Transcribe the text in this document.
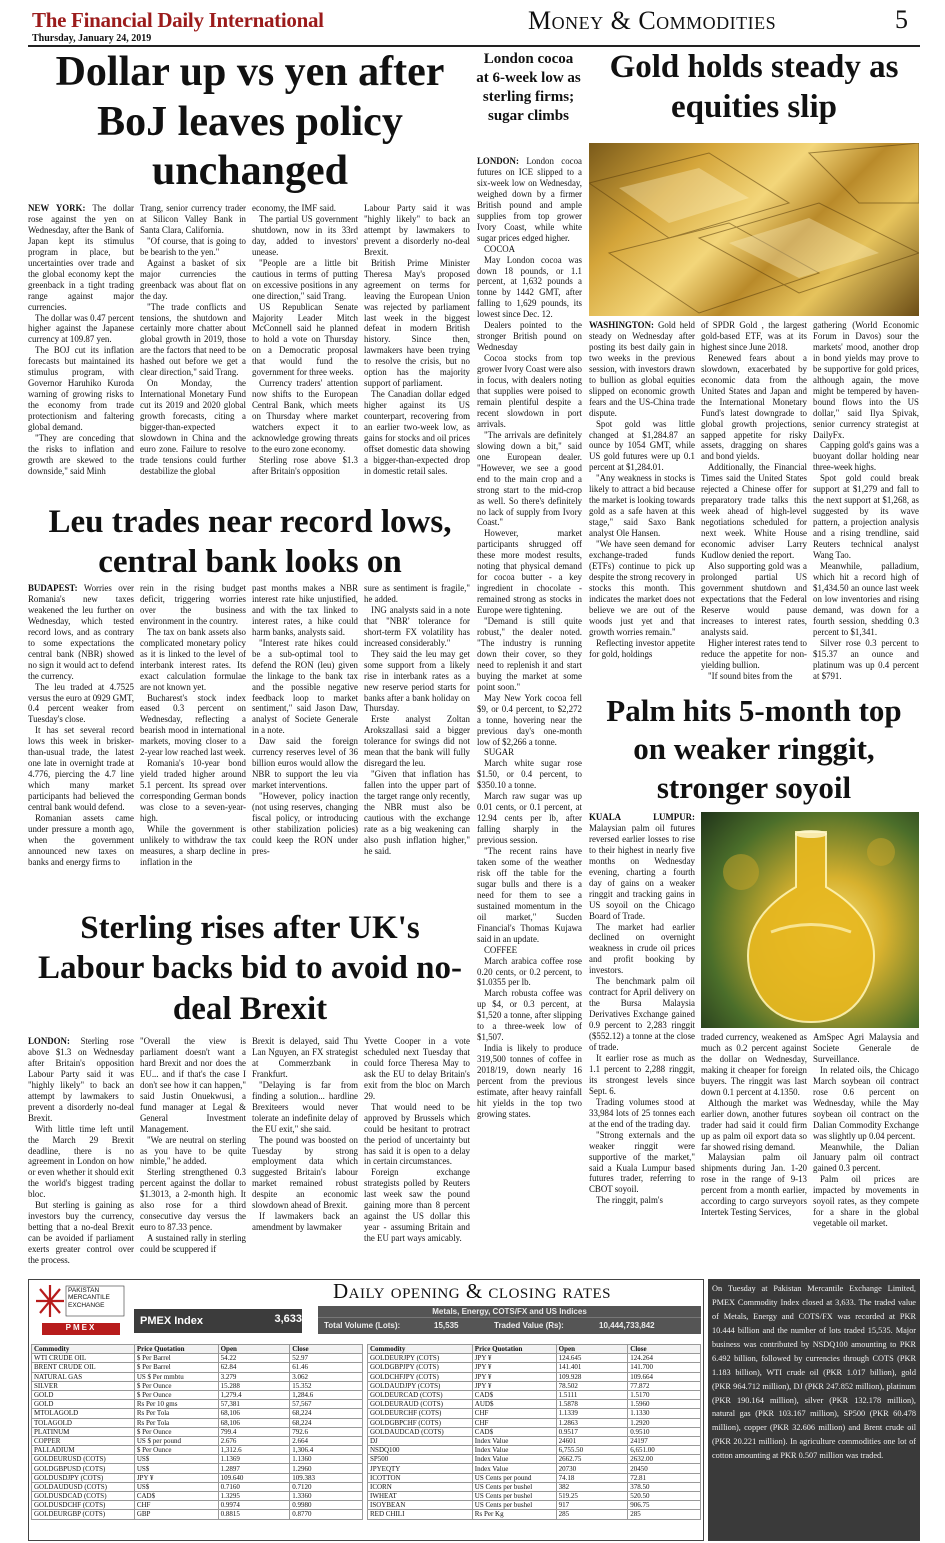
The Financial Daily International
Thursday, January 24, 2019
Money & Commodities	5
Dollar up vs yen after BoJ leaves policy unchanged

NEW YORK: The dollar rose against the yen on Wednesday, after the Bank of Japan kept its stimulus program in place, but uncertainties over trade and the global economy kept the greenback in a tight trading range against major currencies.

The dollar was 0.47 percent higher against the Japanese currency at 109.87 yen.

The BOJ cut its inflation forecasts but maintained its stimulus program, with Governor Haruhiko Kuroda warning of growing risks to the economy from trade protectionism and faltering global demand.

"They are conceding that the risks to inflation and growth are skewed to the downside," said Minh

Trang, senior currency trader at Silicon Valley Bank in Santa Clara, California.

"Of course, that is going to be bearish to the yen."

Against a basket of six major currencies the greenback was about flat on the day.

"The trade conflicts and tensions, the shutdown and certainly more chatter about global growth in 2019, those are the factors that need to be hashed out before we get a clear direction," said Trang.

On Monday, the International Monetary Fund cut its 2019 and 2020 global growth forecasts, citing a bigger-than-expected slowdown in China and the euro zone. Failure to resolve trade tensions could further destabilize the global

economy, the IMF said.

The partial US government shutdown, now in its 33rd day, added to investors' unease.

"People are a little bit cautious in terms of putting on excessive positions in any one direction," said Trang.

US Republican Senate Majority Leader Mitch McConnell said he planned to hold a vote on Thursday on a Democratic proposal that would fund the government for three weeks.

Currency traders' attention now shifts to the European Central Bank, which meets on Thursday where market watchers expect it to acknowledge growing threats to the euro zone economy.

Sterling rose above $1.3 after Britain's opposition

Labour Party said it was "highly likely" to back an attempt by lawmakers to prevent a disorderly no-deal Brexit.

British Prime Minister Theresa May's proposed agreement on terms for leaving the European Union was rejected by parliament last week in the biggest defeat in modern British history. Since then, lawmakers have been trying to resolve the crisis, but no option has the majority support of parliament.

The Canadian dollar edged higher against its US counterpart, recovering from an earlier two-week low, as gains for stocks and oil prices offset domestic data showing a bigger-than-expected drop in domestic retail sales.

London cocoa at 6-week low as sterling firms; sugar climbs

LONDON: London cocoa futures on ICE slipped to a six-week low on Wednesday, weighed down by a firmer British pound and ample supplies from top grower Ivory Coast, while white sugar prices edged higher.

COCOA

May London cocoa was down 18 pounds, or 1.1 percent, at 1,632 pounds a tonne by 1442 GMT, after falling to 1,629 pounds, its lowest since Dec. 12.

Dealers pointed to the stronger British pound on Wednesday

Cocoa stocks from top grower Ivory Coast were also in focus, with dealers noting that supplies were poised to remain plentiful despite a recent slowdown in port arrivals.

"The arrivals are definitely slowing down a bit," said one European dealer. "However, we see a good end to the main crop and a strong start to the mid-crop as well. So there's definitely no lack of supply from Ivory Coast."

However, market participants shrugged off these more modest results, noting that physical demand for cocoa butter - a key ingredient in chocolate - remained strong as stocks in Europe were tightening.

"Demand is still quite robust," the dealer noted. "The industry is running down their cover, so they need to replenish it and start buying the market at some point soon."

May New York cocoa fell $9, or 0.4 percent, to $2,272 a tonne, hovering near the previous day's one-month low of $2,266 a tonne.

SUGAR

March white sugar rose $1.50, or 0.4 percent, to $350.10 a tonne.

March raw sugar was up 0.01 cents, or 0.1 percent, at 12.94 cents per lb, after falling sharply in the previous session.

"The recent rains have taken some of the weather risk off the table for the sugar bulls and there is a need for them to see a sustained momentum in the oil market," Sucden Financial's Thomas Kujawa said in an update.

COFFEE

March arabica coffee rose 0.20 cents, or 0.2 percent, to $1.0355 per lb.

March robusta coffee was up $4, or 0.3 percent, at $1,520 a tonne, after slipping to a three-week low of $1,507.

India is likely to produce 319,500 tonnes of coffee in 2018/19, down nearly 16 percent from the previous estimate, after heavy rainfall hit yields in the top two growing states.

Gold holds steady as equities slip

WASHINGTON: Gold held steady on Wednesday after posting its best daily gain in two weeks in the previous session, with investors drawn to bullion as global equities slipped on economic growth fears and the US-China trade dispute.

Spot gold was little changed at $1,284.87 an ounce by 1054 GMT, while US gold futures were up 0.1 percent at $1,284.01.

"Any weakness in stocks is likely to attract a bid because the market is looking towards gold as a safe haven at this stage," said Saxo Bank analyst Ole Hansen.

"We have seen demand for exchange-traded funds (ETFs) continue to pick up despite the strong recovery in stocks this month. This indicates the market does not believe we are out of the woods just yet and that growth worries remain."

Reflecting investor appetite for gold, holdings

of SPDR Gold , the largest gold-based ETF, was at its highest since June 2018.

Renewed fears about a slowdown, exacerbated by economic data from the United States and Japan and the International Monetary Fund's latest downgrade to global growth projections, sapped appetite for risky assets, dragging on shares and bond yields.

Additionally, the Financial Times said the United States rejected a Chinese offer for preparatory trade talks this week ahead of high-level negotiations scheduled for next week. White House economic adviser Larry Kudlow denied the report.

Also supporting gold was a prolonged partial US government shutdown and expectations that the Federal Reserve would pause increases to interest rates, analysts said.

Higher interest rates tend to reduce the appetite for non-yielding bullion.

"If sound bites from the

gathering (World Economic Forum in Davos) sour the markets' mood, another drop in bond yields may prove to be supportive for gold prices, although again, the move might be tempered by haven-bound flows into the US dollar," said Ilya Spivak, senior currency strategist at DailyFx.

Capping gold's gains was a buoyant dollar holding near three-week highs.

Spot gold could break support at $1,279 and fall to the next support at $1,268, as suggested by its wave pattern, a projection analysis and a rising trendline, said Reuters technical analyst Wang Tao.

Meanwhile, palladium, which hit a record high of $1,434.50 an ounce last week on low inventories and rising demand, was down for a fourth session, shedding 0.3 percent to $1,341.

Silver rose 0.3 percent to $15.37 an ounce and platinum was up 0.4 percent at $791.

Leu trades near record lows, central bank looks on

BUDAPEST: Worries over Romania's new taxes weakened the leu further on Wednesday, which tested record lows, and as contrary to some expectations the central bank (NBR) showed no sign it would act to defend the currency.

The leu traded at 4.7525 versus the euro at 0929 GMT, 0.4 percent weaker from Tuesday's close.

It has set several record lows this week in brisker-than-usual trade, the latest one late in overnight trade at 4.776, piercing the 4.7 line which many market participants had believed the central bank would defend.

Romanian assets came under pressure a month ago, when the government announced new taxes on banks and energy firms to

rein in the rising budget deficit, triggering worries over the business environment in the country.

The tax on bank assets also complicated monetary policy as it is linked to the level of interbank interest rates. Its exact calculation formulae are not known yet.

Bucharest's stock index eased 0.3 percent on Wednesday, reflecting a bearish mood in international markets, moving closer to a 2-year low reached last week.

Romania's 10-year bond yield traded higher around 5.1 percent. Its spread over corresponding German bonds was close to a seven-year-high.

While the government is unlikely to withdraw the tax measures, a sharp decline in inflation in the

past months makes a NBR interest rate hike unjustified, and with the tax linked to interest rates, a hike could harm banks, analysts said.

"Interest rate hikes could be a sub-optimal tool to defend the RON (leu) given the linkage to the bank tax and the possible negative feedback loop to market sentiment," said Jason Daw, analyst of Societe Generale in a note.

Daw said the foreign currency reserves level of 36 billion euros would allow the NBR to support the leu via market interventions.

"However, policy inaction (not using reserves, changing fiscal policy, or introducing other stabilization policies) could keep the RON under pres-

sure as sentiment is fragile," he added.

ING analysts said in a note that "NBR' tolerance for short-term FX volatility has increased considerably."

They said the leu may get some support from a likely rise in interbank rates as a new reserve period starts for banks after a bank holiday on Thursday.

Erste analyst Zoltan Arokszallasi said a bigger tolerance for swings did not mean that the bank will fully disregard the leu.

"Given that inflation has fallen into the upper part of the target range only recently, the NBR must also be cautious with the exchange rate as a big weakening can also push inflation higher," he said.

Sterling rises after UK's Labour backs bid to avoid no-deal Brexit

LONDON: Sterling rose above $1.3 on Wednesday after Britain's opposition Labour Party said it was "highly likely" to back an attempt by lawmakers to prevent a disorderly no-deal Brexit.

With little time left until the March 29 Brexit deadline, there is no agreement in London on how or even whether it should exit the world's biggest trading bloc.

But sterling is gaining as investors buy the currency, betting that a no-deal Brexit can be avoided if parliament exerts greater control over the process.

"Overall the view is parliament doesn't want a hard Brexit and nor does the EU... and if that's the case I don't see how it can happen," said Justin Onuekwusi, a fund manager at Legal & General Investment Management.

"We are neutral on sterling as you have to be quite nimble," he added.

Sterling strengthened 0.3 percent against the dollar to $1.3013, a 2-month high. It also rose for a third consecutive day versus the euro to 87.33 pence.

A sustained rally in sterling could be scuppered if

Brexit is delayed, said Thu Lan Nguyen, an FX strategist at Commerzbank in Frankfurt.

"Delaying is far from finding a solution... hardline Brexiteers would never tolerate an indefinite delay of the EU exit," she said.

The pound was boosted on Tuesday by strong employment data which suggested Britain's labour market remained robust despite an economic slowdown ahead of Brexit.

If lawmakers back an amendment by lawmaker

Yvette Cooper in a vote scheduled next Tuesday that could force Theresa May to ask the EU to delay Britain's exit from the bloc on March 29.

That would need to be approved by Brussels which could be hesitant to protract the period of uncertainty but has said it is open to a delay in certain circumstances.

Foreign exchange strategists polled by Reuters last week saw the pound gaining more than 8 percent against the US dollar this year - assuming Britain and the EU part ways amicably.

Palm hits 5-month top on weaker ringgit, stronger soyoil

KUALA LUMPUR: Malaysian palm oil futures reversed earlier losses to rise to their highest in nearly five months on Wednesday evening, charting a fourth day of gains on a weaker ringgit and tracking gains in US soyoil on the Chicago Board of Trade.

The market had earlier declined on overnight weakness in crude oil prices and profit booking by investors.

The benchmark palm oil contract for April delivery on the Bursa Malaysia Derivatives Exchange gained 0.9 percent to 2,283 ringgit ($552.12) a tonne at the close of trade.

It earlier rose as much as 1.1 percent to 2,288 ringgit, its strongest levels since Sept. 6.

Trading volumes stood at 33,984 lots of 25 tonnes each at the end of the trading day.

"Strong externals and the weaker ringgit were supportive of the market," said a Kuala Lumpur based futures trader, referring to CBOT soyoil.

The ringgit, palm's

traded currency, weakened as much as 0.2 percent against the dollar on Wednesday, making it cheaper for foreign buyers. The ringgit was last down 0.1 percent at 4.1350.

Although the market was earlier down, another futures trader had said it could firm up as palm oil export data so far showed rising demand.

Malaysian palm oil shipments during Jan. 1-20 rose in the range of 9-13 percent from a month earlier, according to cargo surveyors Intertek Testing Services,

AmSpec Agri Malaysia and Societe Generale de Surveillance.

In related oils, the Chicago March soybean oil contract rose 0.6 percent on Wednesday, while the May soybean oil contract on the Dalian Commodity Exchange was slightly up 0.04 percent.

Meanwhile, the Dalian January palm oil contract gained 0.3 percent.

Palm oil prices are impacted by movements in soyoil rates, as they compete for a share in the global vegetable oil market.

Daily opening & closing rates
PAKISTAN MERCANTILE EXCHANGE
PMEX
PMEX Index	3,633
Metals, Energy, COTS/FX and US Indices
Total Volume (Lots):	15,535	Traded Value (Rs):	10,444,733,842
Commodity	Price Quotation	Open	Close
WTI CRUDE OIL	$ Per Barrel	54.22	52.97
BRENT CRUDE OIL	$ Per Barrel	62.84	61.46
NATURAL GAS	US $ Per mmbtu	3.279	3.062
SILVER	$ Per Ounce	15.288	15.352
GOLD	$ Per Ounce	1,279.4	1,284.6
GOLD	Rs Per 10 gms	57,381	57,567
MTOLAGOLD	Rs Per Tola	68,106	68,224
TOLAGOLD	Rs Per Tola	68,106	68,224
PLATINUM	$ Per Ounce	799.4	792.6
COPPER	US $ per pound	2.676	2.664
PALLADIUM	$ Per Ounce	1,312.6	1,306.4
GOLDEURUSD (COTS)	US$	1.1369	1.1360
GOLDGBPUSD (COTS)	US$	1.2897	1.2960
GOLDUSDJPY (COTS)	JPY ¥	109.640	109.383
GOLDAUDUSD (COTS)	US$	0.7160	0.7120
GOLDUSDCAD (COTS)	CAD$	1.3295	1.3360
GOLDUSDCHF (COTS)	CHF	0.9974	0.9980
GOLDEURGBP (COTS)	GBP	0.8815	0.8770
Commodity	Price Quotation	Open	Close
GOLDEURJPY (COTS)	JPY ¥	124.645	124.264
GOLDGBPJPY (COTS)	JPY ¥	141.401	141.700
GOLDCHFJPY (COTS)	JPY ¥	109.928	109.664
GOLDAUDJPY (COTS)	JPY ¥	78.502	77.872
GOLDEURCAD (COTS)	CAD$	1.5111	1.5170
GOLDEURAUD (COTS)	AUD$	1.5878	1.5960
GOLDEURCHF (COTS)	CHF	1.1339	1.1330
GOLDGBPCHF (COTS)	CHF	1.2863	1.2920
GOLDAUDCAD (COTS)	CAD$	0.9517	0.9510
DJ	Index Value	24601	24197
NSDQ100	Index Value	6,755.50	6,651.00
SP500	Index Value	2662.75	2632.00
JPYEQTY	Index Value	20730	20450
ICOTTON	US Cents per pound	74.18	72.81
ICORN	US Cents per bushel	382	378.50
IWHEAT	US Cents per bushel	519.25	520.50
ISOYBEAN	US Cents per bushel	917	906.75
RED CHILI	Rs Per Kg	285	285
On Tuesday at Pakistan Mercantile Exchange Limited, PMEX Commodity Index closed at 3,633. The traded value of Metals, Energy and COTS/FX was recorded at PKR 10.444 billion and the number of lots traded 15,535. Major business was contributed by NSDQ100 amounting to PKR 6.492 billion, followed by currencies through COTS (PKR 1.183 billion), WTI crude oil (PKR 1.017 billion), gold (PKR 964.712 million), DJ (PKR 247.852 million), platinum (PKR 190.164 million), silver (PKR 132.178 million), natural gas (PKR 103.167 million), SP500 (PKR 60.478 million), copper (PKR 32.606 million) and Brent crude oil (PKR 20.221 million). In agriculture commodities one lot of cotton amounting at PKR 0.507 million was traded.
